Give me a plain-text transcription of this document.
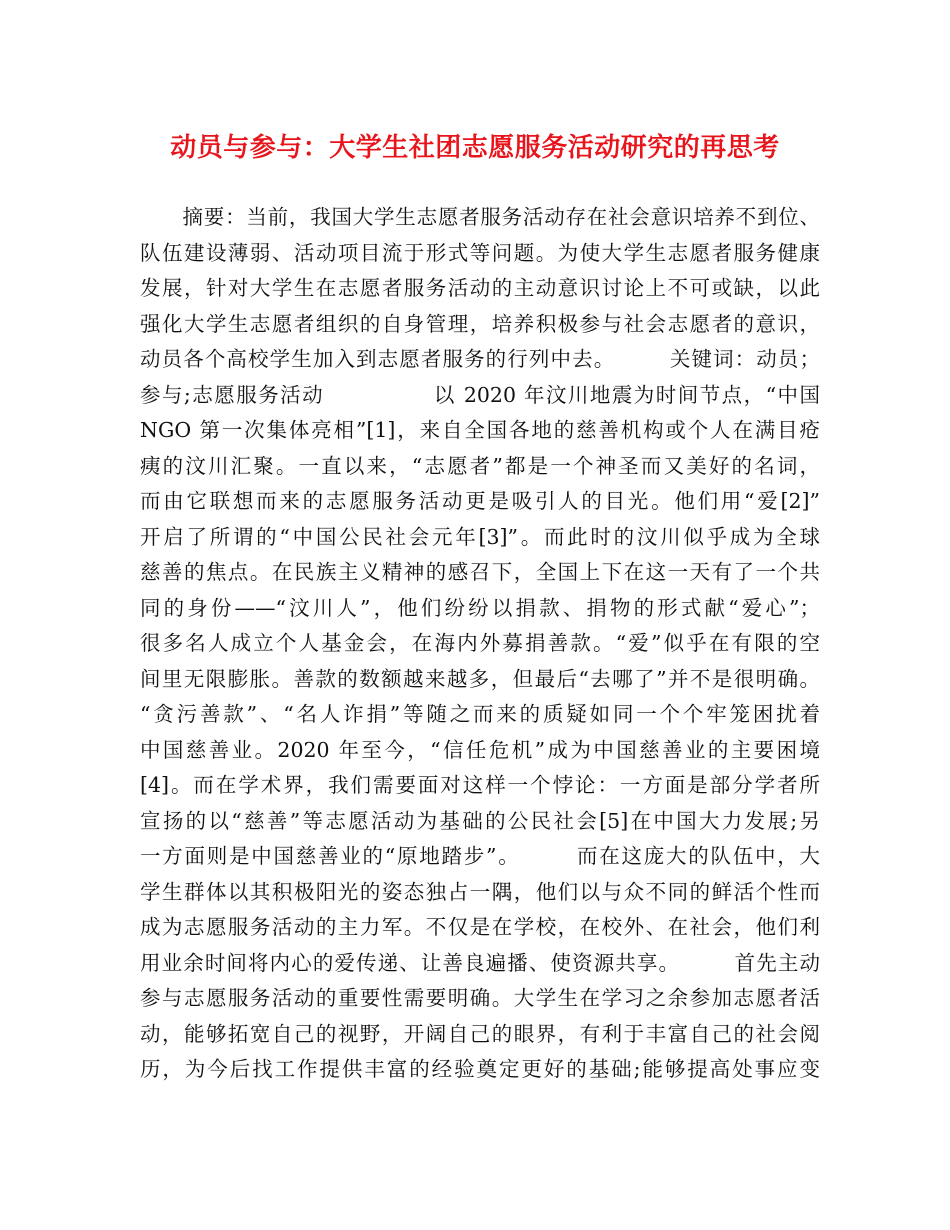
动员与参与：大学生社团志愿服务活动研究的再思考
　　摘要：当前，我国大学生志愿者服务活动存在社会意识培养不到位、
队伍建设薄弱、活动项目流于形式等问题。为使大学生志愿者服务健康
发展，针对大学生在志愿者服务活动的主动意识讨论上不可或缺，以此
强化大学生志愿者组织的自身管理，培养积极参与社会志愿者的意识，
动员各个高校学生加入到志愿者服务的行列中去。　　　关键词：动员；
参与;志愿服务活动　　　　　以 2020 年汶川地震为时间节点，“中国
NGO 第一次集体亮相”[1]，来自全国各地的慈善机构或个人在满目疮
痍的汶川汇聚。一直以来，“志愿者”都是一个神圣而又美好的名词，
而由它联想而来的志愿服务活动更是吸引人的目光。他们用“爱[2]”
开启了所谓的“中国公民社会元年[3]”。而此时的汶川似乎成为全球
慈善的焦点。在民族主义精神的感召下，全国上下在这一天有了一个共
同的身份——“汶川人”，他们纷纷以捐款、捐物的形式献“爱心”；
很多名人成立个人基金会，在海内外募捐善款。“爱”似乎在有限的空
间里无限膨胀。善款的数额越来越多，但最后“去哪了”并不是很明确。
“贪污善款”、“名人诈捐”等随之而来的质疑如同一个个牢笼困扰着
中国慈善业。2020 年至今，“信任危机”成为中国慈善业的主要困境
[4]。而在学术界，我们需要面对这样一个悖论：一方面是部分学者所
宣扬的以“慈善”等志愿活动为基础的公民社会[5]在中国大力发展;另
一方面则是中国慈善业的“原地踏步”。　　　而在这庞大的队伍中，大
学生群体以其积极阳光的姿态独占一隅，他们以与众不同的鲜活个性而
成为志愿服务活动的主力军。不仅是在学校，在校外、在社会，他们利
用业余时间将内心的爱传递、让善良遍播、使资源共享。　　　首先主动
参与志愿服务活动的重要性需要明确。大学生在学习之余参加志愿者活
动，能够拓宽自己的视野，开阔自己的眼界，有利于丰富自己的社会阅
历，为今后找工作提供丰富的经验奠定更好的基础;能够提高处事应变
